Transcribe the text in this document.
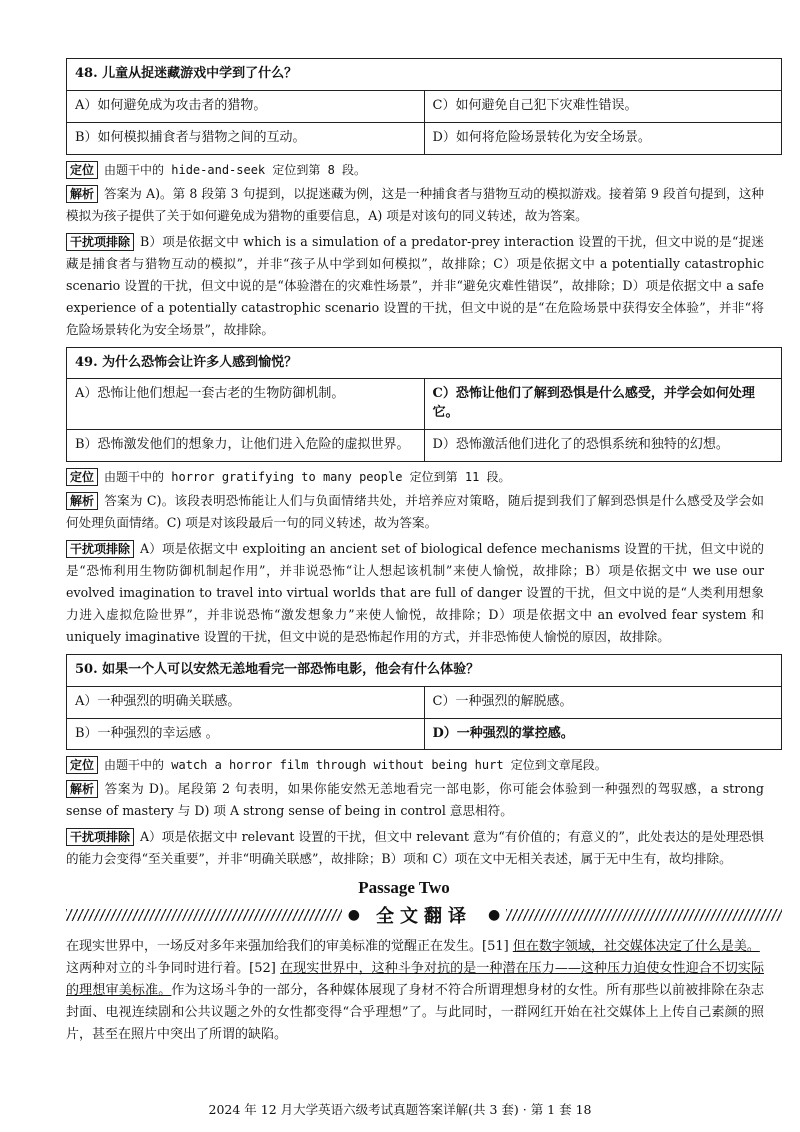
48. 儿童从捉迷藏游戏中学到了什么？	
A）如何避免成为攻击者的猎物。	C）如何避免自己犯下灾难性错误。
B）如何模拟捕食者与猎物之间的互动。	D）如何将危险场景转化为安全场景。
定位 由题干中的 hide-and-seek 定位到第 8 段。

解析 答案为 A)。第 8 段第 3 句提到，以捉迷藏为例，这是一种捕食者与猎物互动的模拟游戏。接着第 9 段首句提到，这种模拟为孩子提供了关于如何避免成为猎物的重要信息，A) 项是对该句的同义转述，故为答案。

干扰项排除 B）项是依据文中 which is a simulation of a predator-prey interaction 设置的干扰，但文中说的是“捉迷藏是捕食者与猎物互动的模拟”，并非“孩子从中学到如何模拟”，故排除；C）项是依据文中 a potentially catastrophic scenario 设置的干扰，但文中说的是“体验潜在的灾难性场景”，并非“避免灾难性错误”，故排除；D）项是依据文中 a safe experience of a potentially catastrophic scenario 设置的干扰，但文中说的是“在危险场景中获得安全体验”，并非“将危险场景转化为安全场景”，故排除。

49. 为什么恐怖会让许多人感到愉悦？	
A）恐怖让他们想起一套古老的生物防御机制。	C）恐怖让他们了解到恐惧是什么感受，并学会如何处理它。
B）恐怖激发他们的想象力，让他们进入危险的虚拟世界。	D）恐怖激活他们进化了的恐惧系统和独特的幻想。
定位 由题干中的 horror gratifying to many people 定位到第 11 段。

解析 答案为 C)。该段表明恐怖能让人们与负面情绪共处，并培养应对策略，随后提到我们了解到恐惧是什么感受及学会如何处理负面情绪。C) 项是对该段最后一句的同义转述，故为答案。

干扰项排除 A）项是依据文中 exploiting an ancient set of biological defence mechanisms 设置的干扰，但文中说的是“恐怖利用生物防御机制起作用”，并非说恐怖“让人想起该机制”来使人愉悦，故排除；B）项是依据文中 we use our evolved imagination to travel into virtual worlds that are full of danger 设置的干扰，但文中说的是“人类利用想象力进入虚拟危险世界”，并非说恐怖“激发想象力”来使人愉悦，故排除；D）项是依据文中 an evolved fear system 和 uniquely imaginative 设置的干扰，但文中说的是恐怖起作用的方式，并非恐怖使人愉悦的原因，故排除。

50. 如果一个人可以安然无恙地看完一部恐怖电影，他会有什么体验？	
A）一种强烈的明确关联感。	C）一种强烈的解脱感。
B）一种强烈的幸运感 。	D）一种强烈的掌控感。
定位 由题干中的 watch a horror film through without being hurt 定位到文章尾段。

解析 答案为 D)。尾段第 2 句表明，如果你能安然无恙地看完一部电影，你可能会体验到一种强烈的驾驭感，a strong sense of mastery 与 D) 项 A strong sense of being in control 意思相符。

干扰项排除 A）项是依据文中 relevant 设置的干扰，但文中 relevant 意为“有价值的；有意义的”，此处表达的是处理恐惧的能力会变得“至关重要”，并非“明确关联感”，故排除；B）项和 C）项在文中无相关表述，属于无中生有，故均排除。

Passage Two
● 全文翻译	●

在现实世界中，一场反对多年来强加给我们的审美标准的觉醒正在发生。[51] 但在数字领域，社交媒体决定了什么是美。

这两种对立的斗争同时进行着。[52] 在现实世界中，这种斗争对抗的是一种潜在压力——这种压力迫使女性迎合不切实际的理想审美标准。作为这场斗争的一部分，各种媒体展现了身材不符合所谓理想身材的女性。所有那些以前被排除在杂志封面、电视连续剧和公共议题之外的女性都变得“合乎理想”了。与此同时，一群网红开始在社交媒体上上传自己素颜的照片，甚至在照片中突出了所谓的缺陷。

2024 年 12 月大学英语六级考试真题答案详解(共 3 套) · 第 1 套 18
